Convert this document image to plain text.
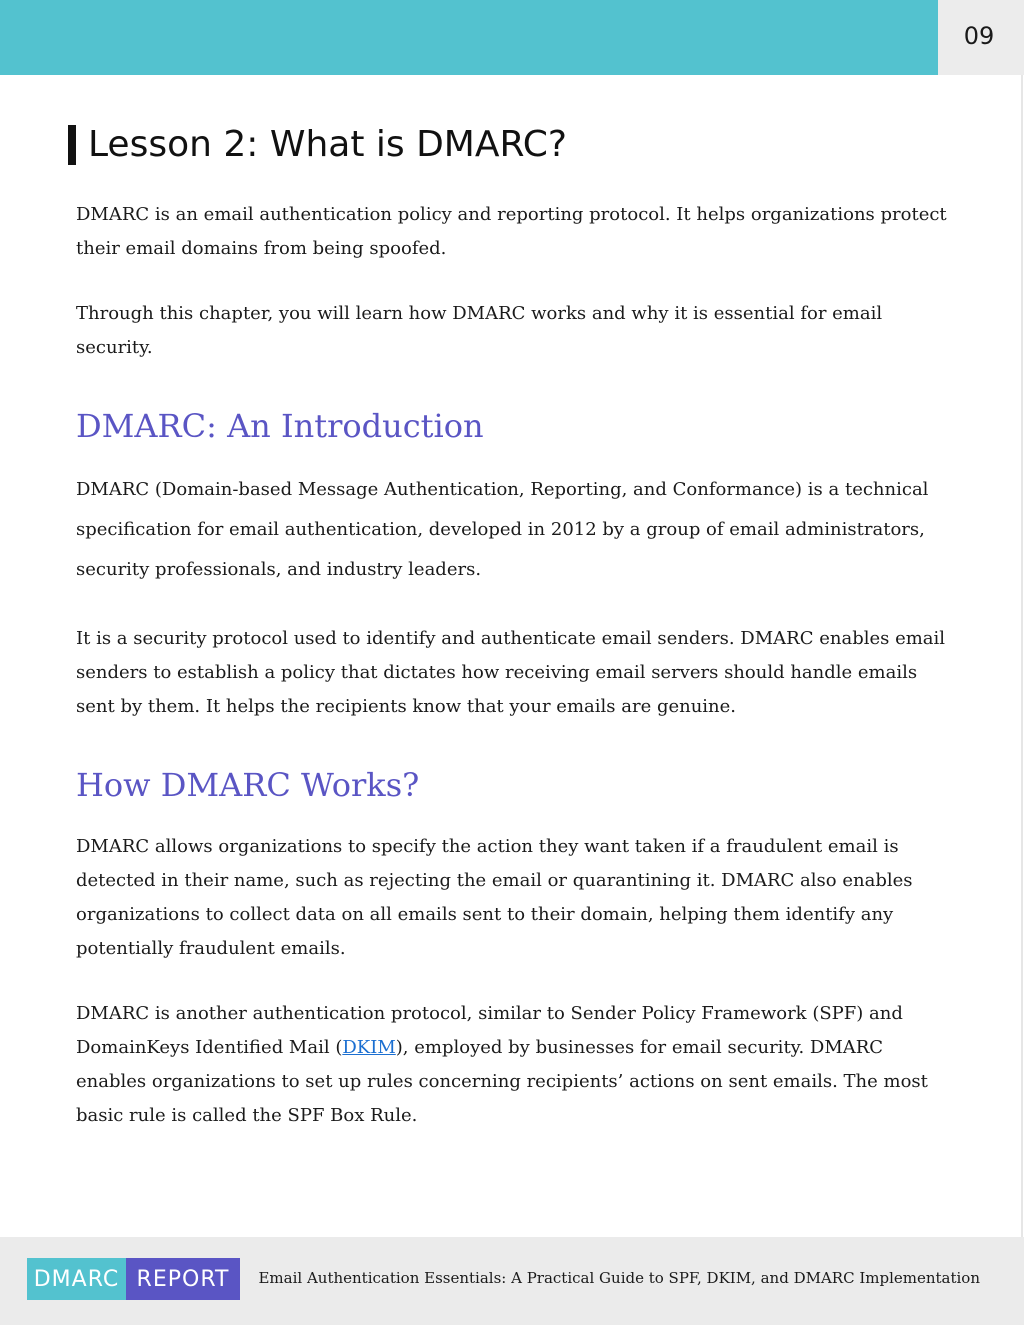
09
Lesson 2: What is DMARC?

DMARC is an email authentication policy and reporting protocol. It helps organizations protect their email domains from being spoofed.

Through this chapter, you will learn how DMARC works and why it is essential for email security.

DMARC: An Introduction

DMARC (Domain-based Message Authentication, Reporting, and Conformance) is a technical specification for email authentication, developed in 2012 by a group of email administrators, security professionals, and industry leaders.

It is a security protocol used to identify and authenticate email senders. DMARC enables email senders to establish a policy that dictates how receiving email servers should handle emails sent by them. It helps the recipients know that your emails are genuine.

How DMARC Works?

DMARC allows organizations to specify the action they want taken if a fraudulent email is detected in their name, such as rejecting the email or quarantining it. DMARC also enables organizations to collect data on all emails sent to their domain, helping them identify any potentially fraudulent emails.

DMARC is another authentication protocol, similar to Sender Policy Framework (SPF) and DomainKeys Identified Mail (DKIM), employed by businesses for email security. DMARC enables organizations to set up rules concerning recipients’ actions on sent emails. The most basic rule is called the SPF Box Rule.

DMARC REPORT	Email Authentication Essentials: A Practical Guide to SPF, DKIM, and DMARC Implementation
